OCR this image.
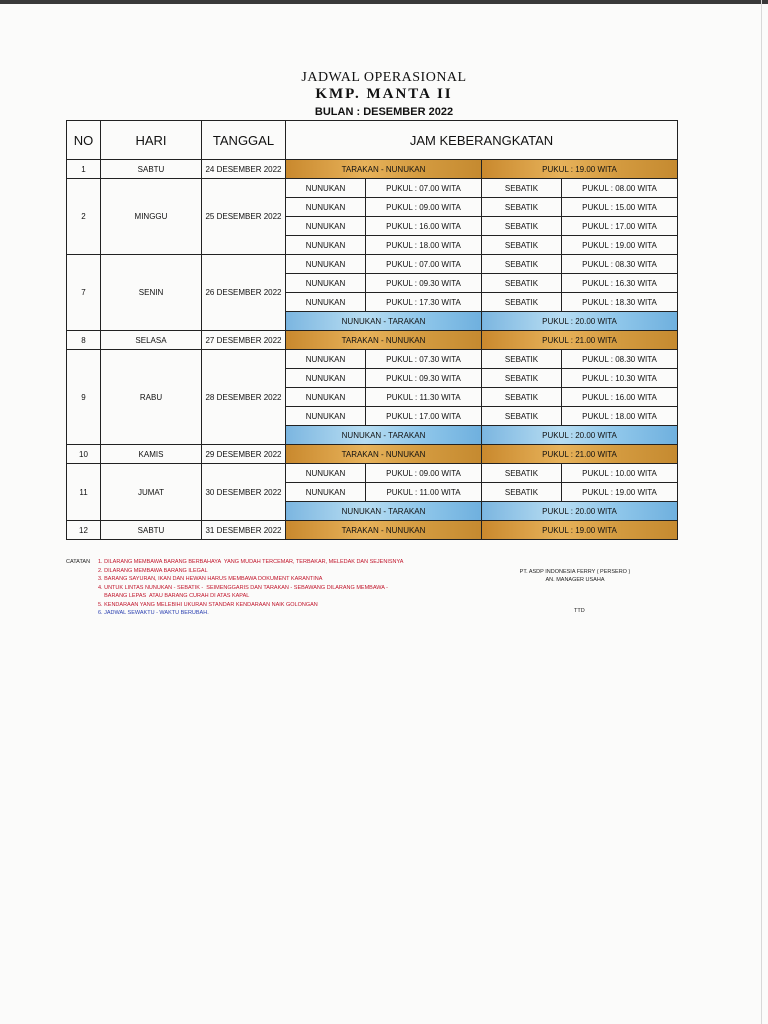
JADWAL OPERASIONAL
KMP. MANTA II
BULAN : DESEMBER 2022
NO	HARI	TANGGAL	JAM KEBERANGKATAN			
1	SABTU	24 DESEMBER 2022	TARAKAN - NUNUKAN		PUKUL : 19.00 WITA	
2	MINGGU	25 DESEMBER 2022	NUNUKAN	PUKUL : 07.00 WITA	SEBATIK	PUKUL : 08.00 WITA
			NUNUKAN	PUKUL : 09.00 WITA	SEBATIK	PUKUL : 15.00 WITA
			NUNUKAN	PUKUL : 16.00 WITA	SEBATIK	PUKUL : 17.00 WITA
			NUNUKAN	PUKUL : 18.00 WITA	SEBATIK	PUKUL : 19.00 WITA
7	SENIN	26 DESEMBER 2022	NUNUKAN	PUKUL : 07.00 WITA	SEBATIK	PUKUL : 08.30 WITA
			NUNUKAN	PUKUL : 09.30 WITA	SEBATIK	PUKUL : 16.30 WITA
			NUNUKAN	PUKUL : 17.30 WITA	SEBATIK	PUKUL : 18.30 WITA
			NUNUKAN - TARAKAN		PUKUL : 20.00 WITA	
8	SELASA	27 DESEMBER 2022	TARAKAN - NUNUKAN		PUKUL : 21.00 WITA	
9	RABU	28 DESEMBER 2022	NUNUKAN	PUKUL : 07.30 WITA	SEBATIK	PUKUL : 08.30 WITA
			NUNUKAN	PUKUL : 09.30 WITA	SEBATIK	PUKUL : 10.30 WITA
			NUNUKAN	PUKUL : 11.30 WITA	SEBATIK	PUKUL : 16.00 WITA
			NUNUKAN	PUKUL : 17.00 WITA	SEBATIK	PUKUL : 18.00 WITA
			NUNUKAN - TARAKAN		PUKUL : 20.00 WITA	
10	KAMIS	29 DESEMBER 2022	TARAKAN - NUNUKAN		PUKUL : 21.00 WITA	
11	JUMAT	30 DESEMBER 2022	NUNUKAN	PUKUL : 09.00 WITA	SEBATIK	PUKUL : 10.00 WITA
			NUNUKAN	PUKUL : 11.00 WITA	SEBATIK	PUKUL : 19.00 WITA
			NUNUKAN - TARAKAN		PUKUL : 20.00 WITA	
12	SABTU	31 DESEMBER 2022	TARAKAN - NUNUKAN		PUKUL : 19.00 WITA	
CATATAN 1. DILARANG MEMBAWA BARANG BERBAHAYA  YANG MUDAH TERCEMAR, TERBAKAR, MELEDAK DAN SEJENISNYA
2. DILARANG MEMBAWA BARANG ILEGAL
3. BARANG SAYURAN, IKAN DAN HEWAN HARUS MEMBAWA DOKUMENT KARANTINA
4. UNTUK LINTAS NUNUKAN - SEBATIK -  SEIMENGGARIS DAN TARAKAN - SEBAWANG DILARANG MEMBAWA -
BARANG LEPAS  ATAU BARANG CURAH DI ATAS KAPAL
5. KENDARAAN YANG MELEBIHI UKURAN STANDAR KENDARAAN NAIK GOLONGAN
6. JADWAL SEWAKTU - WAKTU BERUBAH.
PT. ASDP INDONESIA FERRY ( PERSERO )
AN. MANAGER USAHA
TTD
